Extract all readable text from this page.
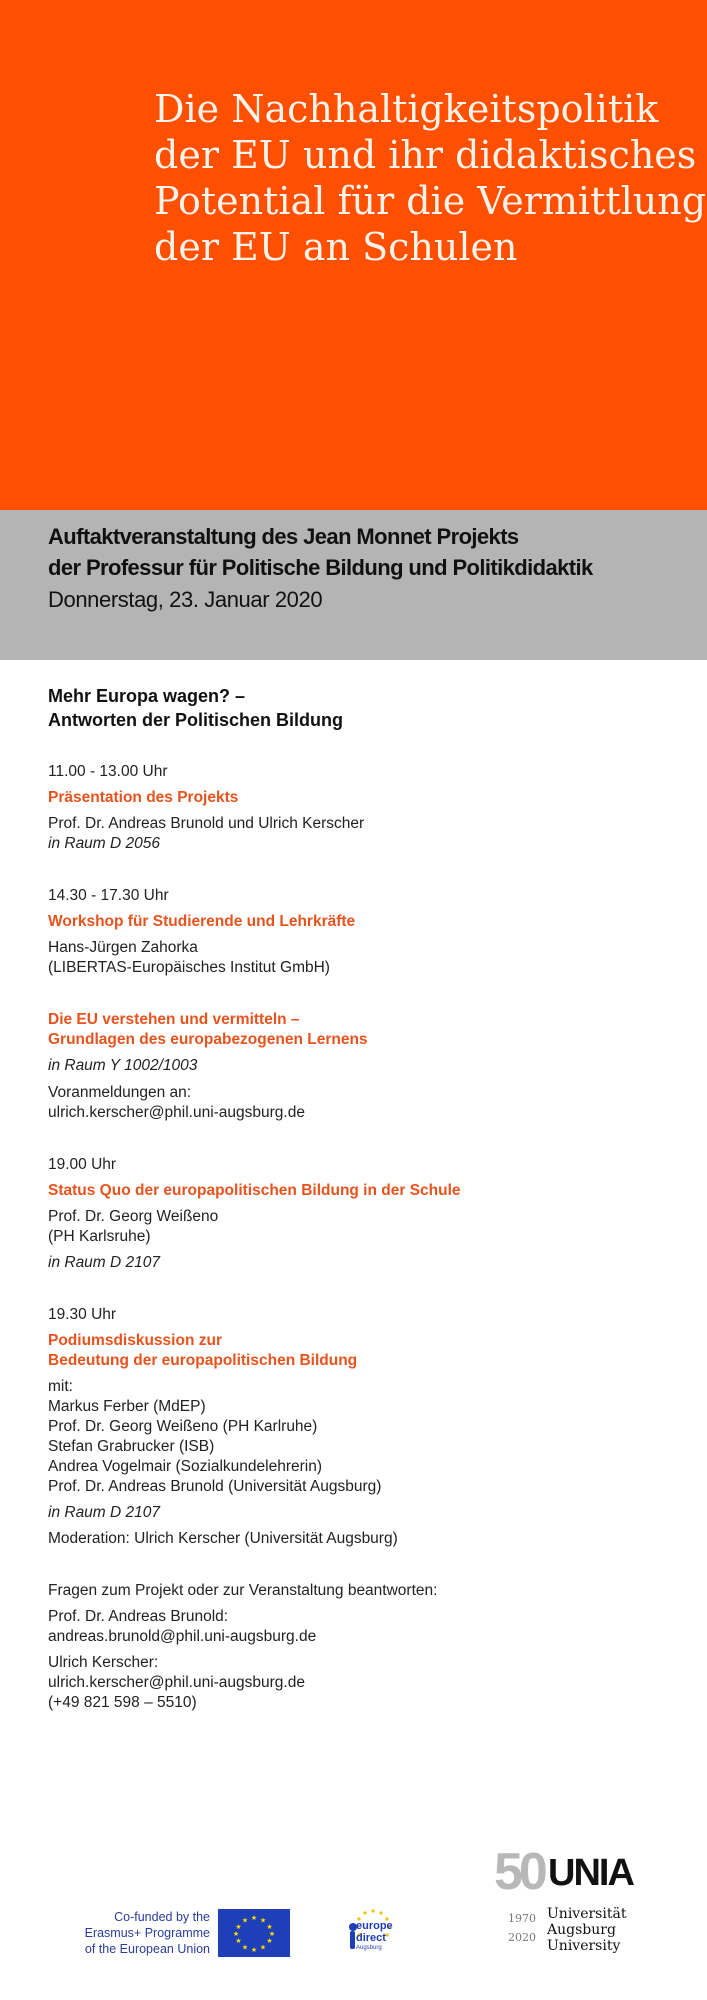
Die Nachhaltigkeitspolitik
der EU und ihr didaktisches
Potential für die Vermittlung
der EU an Schulen
Auftaktveranstaltung des Jean Monnet Projekts
der Professur für Politische Bildung und Politikdidaktik
Donnerstag, 23. Januar 2020
Mehr Europa wagen? –
Antworten der Politischen Bildung
11.00 - 13.00 Uhr
Präsentation des Projekts
Prof. Dr. Andreas Brunold und Ulrich Kerscher
in Raum D 2056
14.30 - 17.30 Uhr
Workshop für Studierende und Lehrkräfte
Hans-Jürgen Zahorka
(LIBERTAS-Europäisches Institut GmbH)
Die EU verstehen und vermitteln –
Grundlagen des europabezogenen Lernens
in Raum Y 1002/1003
Voranmeldungen an:
ulrich.kerscher@phil.uni-augsburg.de
19.00 Uhr
Status Quo der europapolitischen Bildung in der Schule
Prof. Dr. Georg Weißeno
(PH Karlsruhe)
in Raum D 2107
19.30 Uhr
Podiumsdiskussion zur
Bedeutung der europapolitischen Bildung
mit:
Markus Ferber (MdEP)
Prof. Dr. Georg Weißeno (PH Karlruhe)
Stefan Grabrucker (ISB)
Andrea Vogelmair (Sozialkundelehrerin)
Prof. Dr. Andreas Brunold (Universität Augsburg)
in Raum D 2107
Moderation: Ulrich Kerscher (Universität Augsburg)
Fragen zum Projekt oder zur Veranstaltung beantworten:
Prof. Dr. Andreas Brunold:
andreas.brunold@phil.uni-augsburg.de
Ulrich Kerscher:
ulrich.kerscher@phil.uni-augsburg.de
(+49 821 598 – 5510)
Co-funded by the
Erasmus+ Programme
of the European Union
★ ★
★
★
★
★
★
★
★
★
★
★	europe
direct
Augsburg
50 UNIA
1970
2020
Universität
Augsburg
University
